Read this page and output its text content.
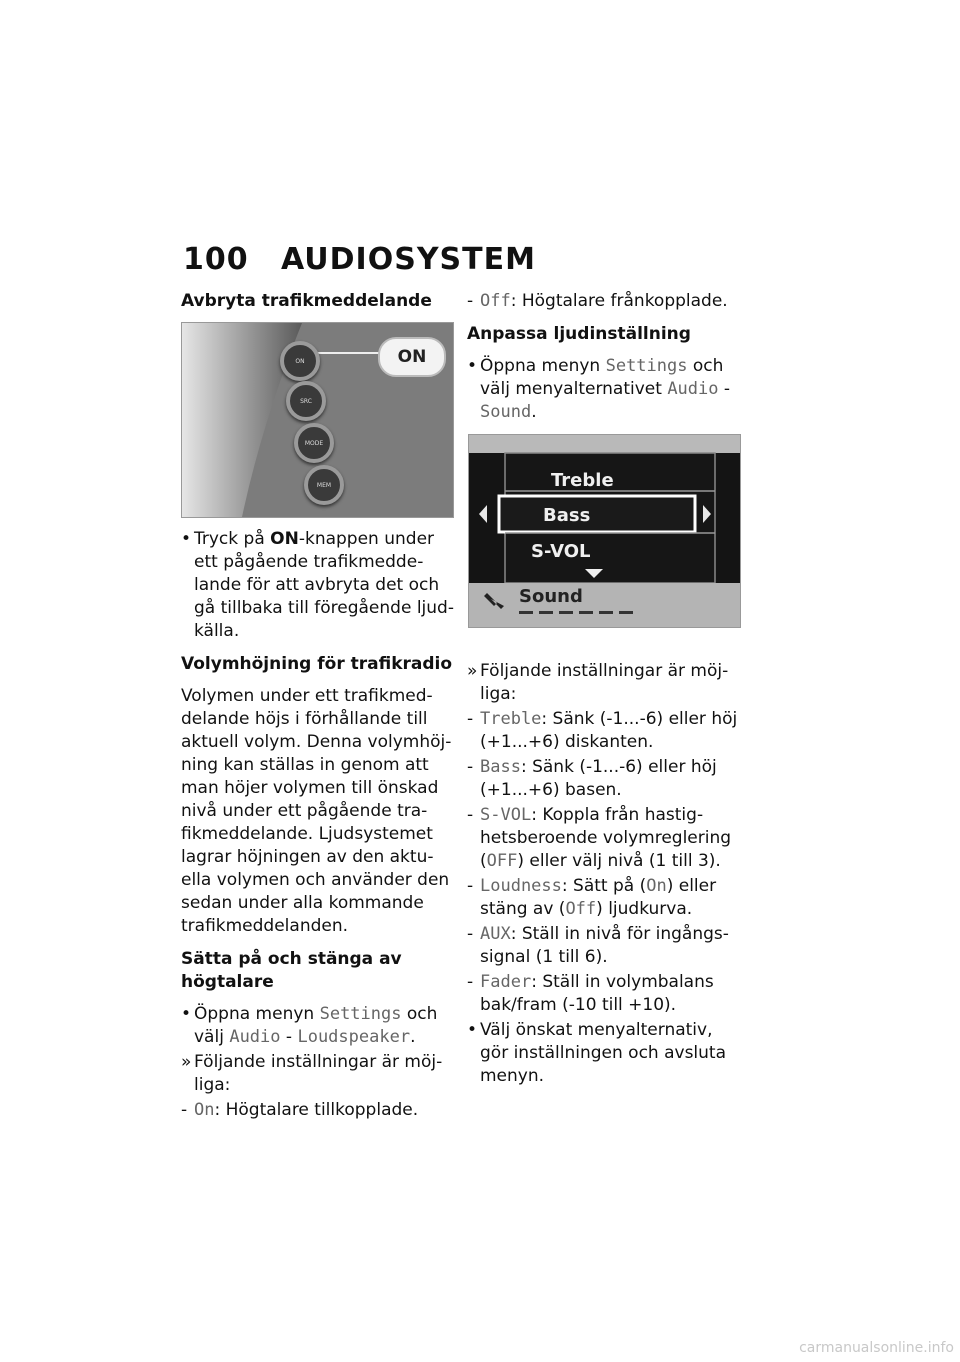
100 AUDIOSYSTEM
Avbryta trafikmeddelande
ON
SRC
MODE
MEM
ON
• Tryck på ON-knappen under ett pågående trafikmeddelande för att avbryta det och gå tillbaka till föregående ljudkälla.
Volymhöjning för trafikradio

Volymen under ett trafikmeddelande höjs i förhållande till aktuell volym. Denna volymhöjning kan ställas in genom att man höjer volymen till önskad nivå under ett pågående trafikmeddelande. Ljudsystemet lagrar höjningen av den aktuella volymen och använder den sedan under alla kommande trafikmeddelanden.

Sätta på och stänga av högtalare
• Öppna menyn Settings och välj Audio - Loudspeaker.
» Följande inställningar är möjliga:
- On: Högtalare tillkopplade.
- Off: Högtalare frånkopplade.
Anpassa ljudinställning
• Öppna menyn Settings och välj menyalternativet Audio - Sound.
Treble
Bass
S-VOL
Sound
» Följande inställningar är möjliga:
- Treble: Sänk (-1...-6) eller höj (+1...+6) diskanten.
- Bass: Sänk (-1...-6) eller höj (+1...+6) basen.
- S-VOL: Koppla från hastighetsberoende volymreglering (OFF) eller välj nivå (1 till 3).
- Loudness: Sätt på (On) eller stäng av (Off) ljudkurva.
- AUX: Ställ in nivå för ingångssignal (1 till 6).
- Fader: Ställ in volymbalans bak/fram (-10 till +10).
• Välj önskat menyalternativ, gör inställningen och avsluta menyn.
carmanualsonline.info
